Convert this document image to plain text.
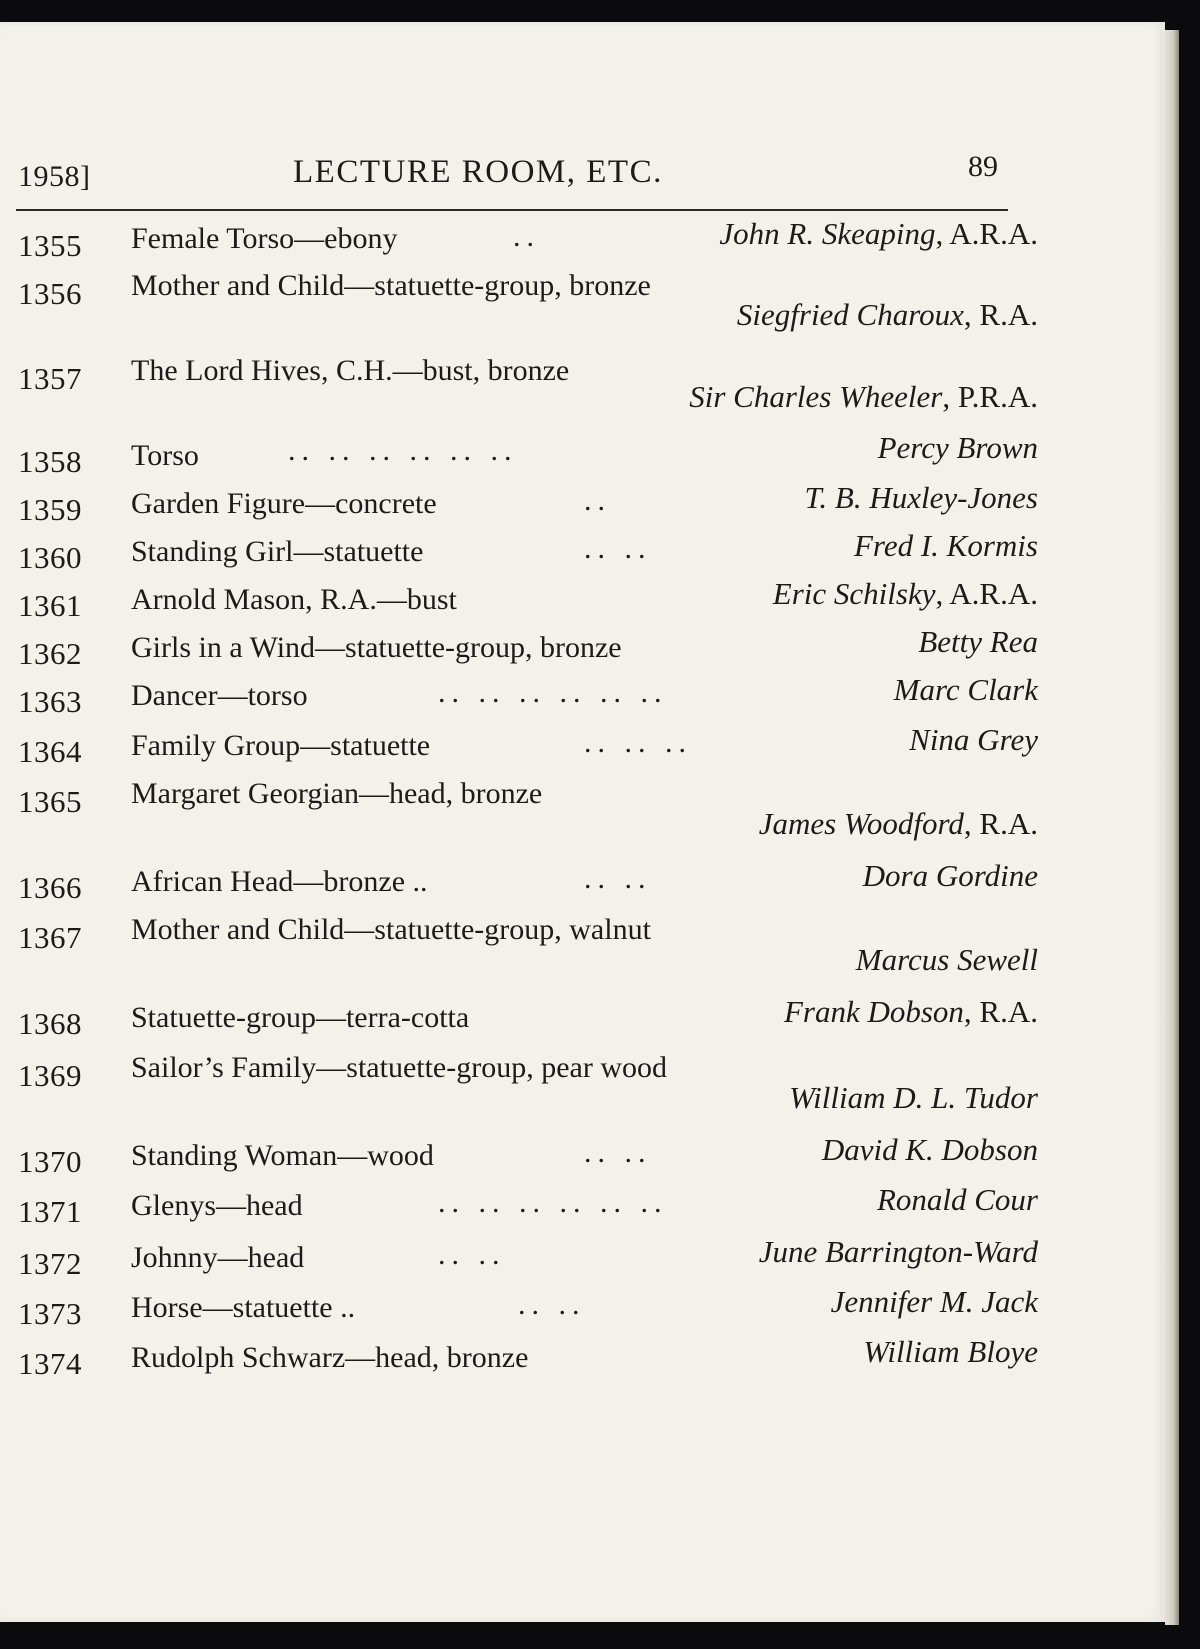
1958]	LECTURE ROOM, ETC.	89
1355 Female Torso—ebony	..	John R. Skeaping, A.R.A.
1356 Mother and Child—statuette-group, bronze
Siegfried Charoux, R.A.
1357 The Lord Hives, C.H.—bust, bronze
Sir Charles Wheeler, P.R.A.
1358 Torso	.. .. .. .. .. ..	Percy Brown
1359 Garden Figure—concrete	..	T. B. Huxley-Jones
1360 Standing Girl—statuette	.. ..	Fred I. Kormis
1361 Arnold Mason, R.A.—bust	Eric Schilsky, A.R.A.
1362 Girls in a Wind—statuette-group, bronze	Betty Rea
1363 Dancer—torso	.. .. .. .. .. ..	Marc Clark
1364 Family Group—statuette	.. .. ..	Nina Grey
1365 Margaret Georgian—head, bronze
James Woodford, R.A.
1366 African Head—bronze ..	.. ..	Dora Gordine
1367 Mother and Child—statuette-group, walnut
Marcus Sewell
1368 Statuette-group—terra-cotta	Frank Dobson, R.A.
1369 Sailor’s Family—statuette-group, pear wood
William D. L. Tudor
1370 Standing Woman—wood	.. ..	David K. Dobson
1371 Glenys—head	.. .. .. .. .. ..	Ronald Cour
1372 Johnny—head	.. ..	June Barrington-Ward
1373 Horse—statuette ..	.. ..	Jennifer M. Jack
1374 Rudolph Schwarz—head, bronze	William Bloye
